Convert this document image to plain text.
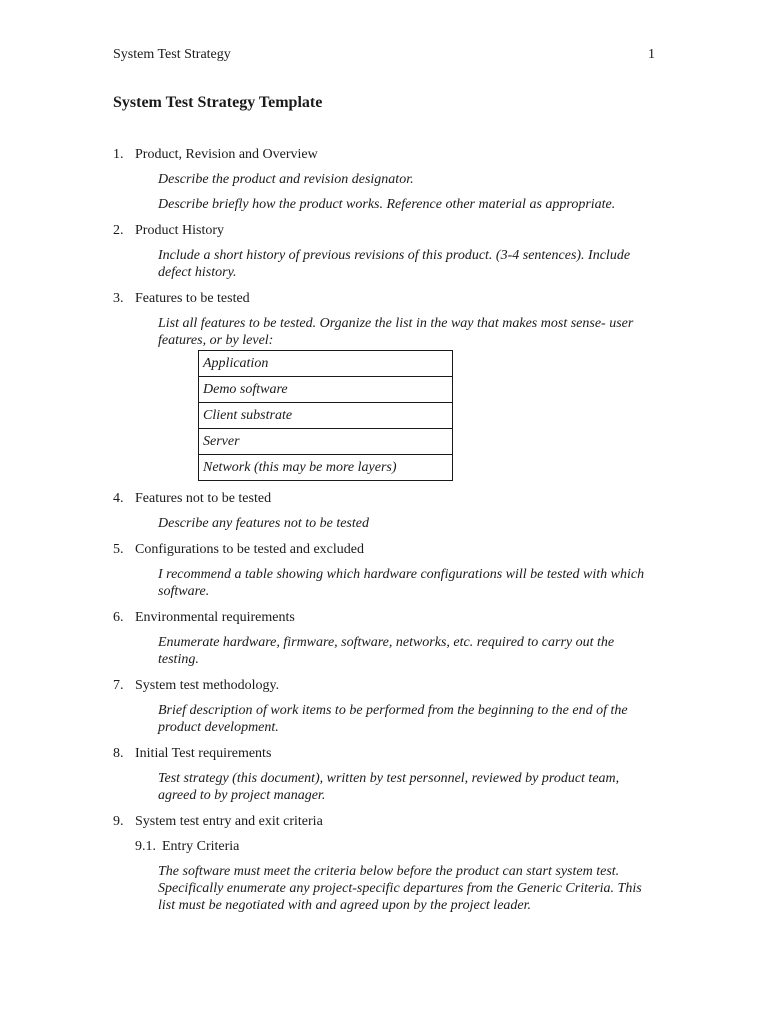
System Test Strategy	1
System Test Strategy Template
1. Product, Revision and Overview
Describe the product and revision designator.
Describe briefly how the product works. Reference other material as appropriate.
2. Product History
Include a short history of previous revisions of this product. (3-4 sentences). Include defect history.
3. Features to be tested
List all features to be tested. Organize the list in the way that makes most sense- user features, or by level:
Application
Demo software
Client substrate
Server
Network (this may be more layers)
4. Features not to be tested
Describe any features not to be tested
5. Configurations to be tested and excluded
I recommend a table showing which hardware configurations will be tested with which software.
6. Environmental requirements
Enumerate hardware, firmware, software, networks, etc. required to carry out the testing.
7. System test methodology.
Brief description of work items to be performed from the beginning to the end of the product development.
8. Initial Test requirements
Test strategy (this document), written by test personnel, reviewed by product team, agreed to by project manager.
9. System test entry and exit criteria
9.1. Entry Criteria
The software must meet the criteria below before the product can start system test. Specifically enumerate any project-specific departures from the Generic Criteria. This list must be negotiated with and agreed upon by the project leader.
